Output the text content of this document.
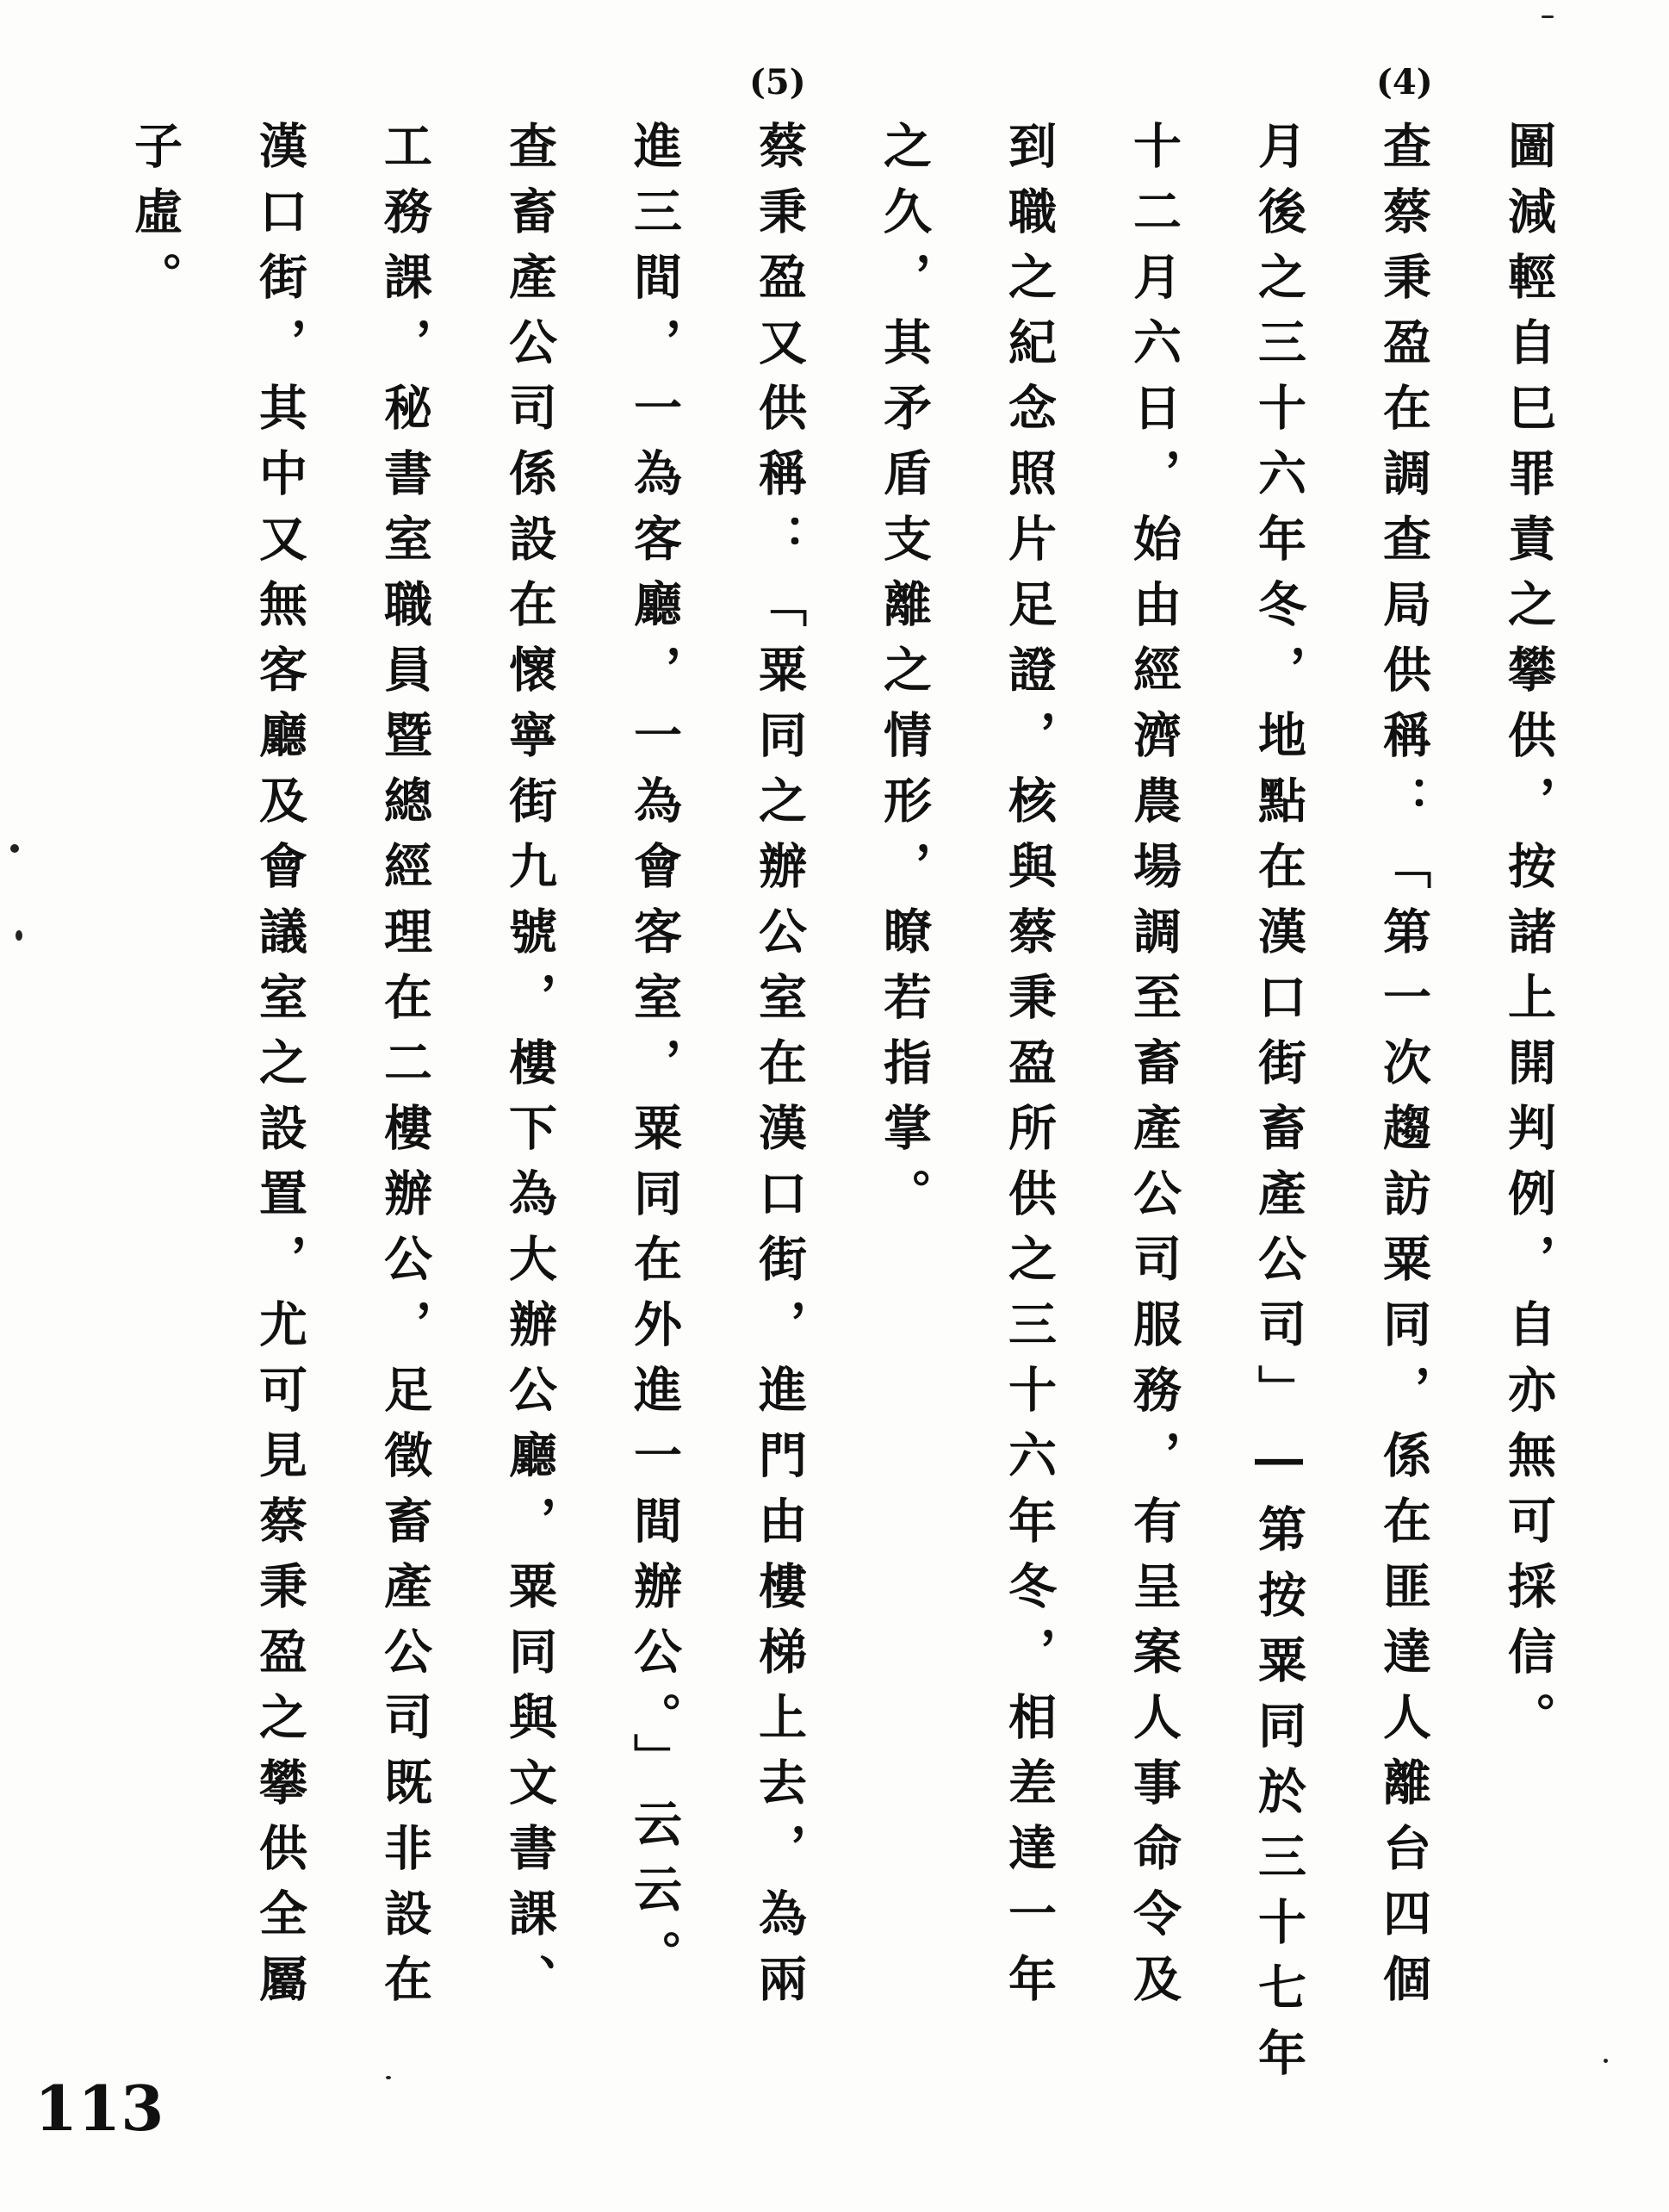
(4)
(5)
圖減輕自巳罪責之攀供，按諸上開判例，自亦無可採信。
查蔡秉盈在調查局供稱：「第一次趨訪粟同，係在匪達人離台四個
月後之三十六年冬，地點在漢口街畜產公司」―第按粟同於三十七年
十二月六日，始由經濟農場調至畜產公司服務，有呈案人事命令及
到職之紀念照片足證，核與蔡秉盈所供之三十六年冬，相差達一年
之久，其矛盾支離之情形，瞭若指掌。
蔡秉盈又供稱：「粟同之辦公室在漢口街，進門由樓梯上去，為兩
進三間，一為客廳，一為會客室，粟同在外進一間辦公。」云云。
查畜產公司係設在懷寧街九號，樓下為大辦公廳，粟同與文書課、
工務課，秘書室職員暨總經理在二樓辦公，足徵畜產公司既非設在
漢口街，其中又無客廳及會議室之設置，尤可見蔡秉盈之攀供全屬
子虛。
113
